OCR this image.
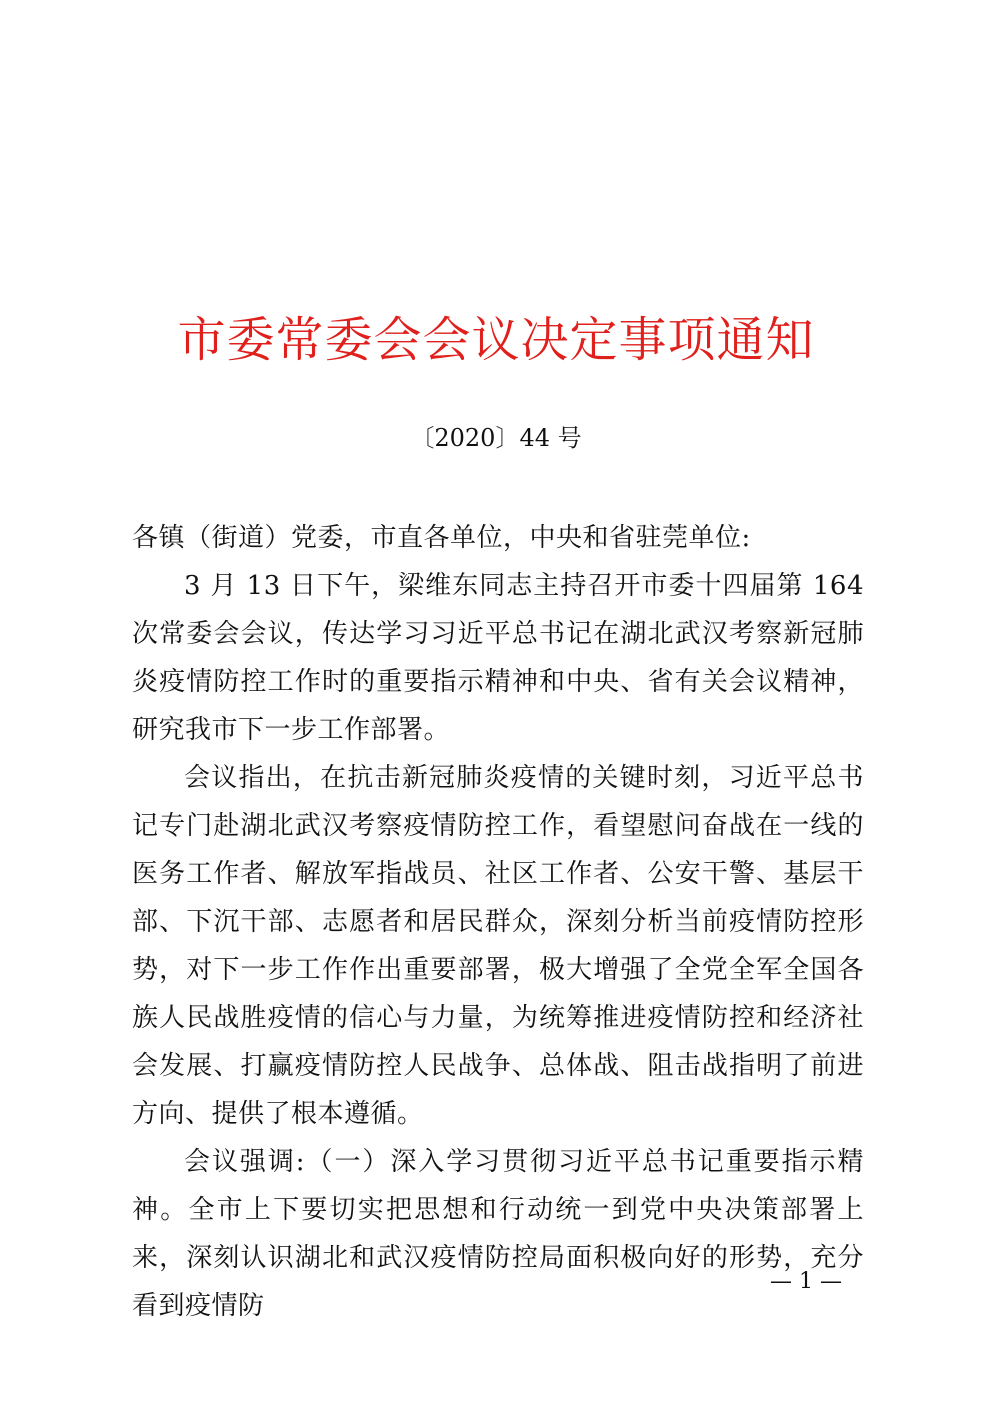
市委常委会会议决定事项通知
〔2020〕44 号

各镇（街道）党委，市直各单位，中央和省驻莞单位:

3 月 13 日下午，梁维东同志主持召开市委十四届第 164 次常委会会议，传达学习习近平总书记在湖北武汉考察新冠肺炎疫情防控工作时的重要指示精神和中央、省有关会议精神，研究我市下一步工作部署。

会议指出，在抗击新冠肺炎疫情的关键时刻，习近平总书记专门赴湖北武汉考察疫情防控工作，看望慰问奋战在一线的医务工作者、解放军指战员、社区工作者、公安干警、基层干部、下沉干部、志愿者和居民群众，深刻分析当前疫情防控形势，对下一步工作作出重要部署，极大增强了全党全军全国各族人民战胜疫情的信心与力量，为统筹推进疫情防控和经济社会发展、打赢疫情防控人民战争、总体战、阻击战指明了前进方向、提供了根本遵循。

会议强调:（一）深入学习贯彻习近平总书记重要指示精神。全市上下要切实把思想和行动统一到党中央决策部署上来，深刻认识湖北和武汉疫情防控局面积极向好的形势，充分看到疫情防

— 1 —
